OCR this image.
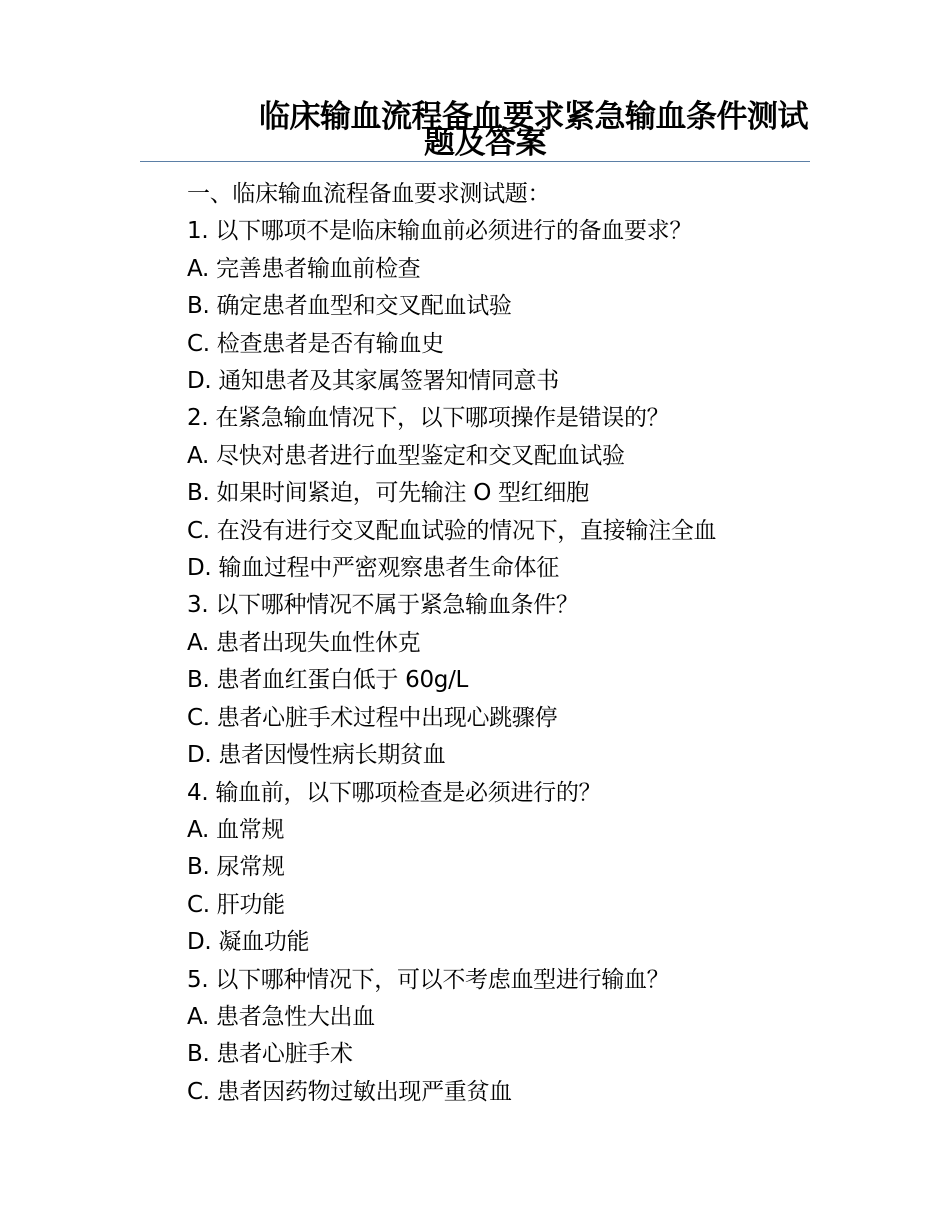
临床输血流程备血要求紧急输血条件测试
题及答案
一、临床输血流程备血要求测试题：
1. 以下哪项不是临床输血前必须进行的备血要求？
A. 完善患者输血前检查
B. 确定患者血型和交叉配血试验
C. 检查患者是否有输血史
D. 通知患者及其家属签署知情同意书
2. 在紧急输血情况下，以下哪项操作是错误的？
A. 尽快对患者进行血型鉴定和交叉配血试验
B. 如果时间紧迫，可先输注 O 型红细胞
C. 在没有进行交叉配血试验的情况下，直接输注全血
D. 输血过程中严密观察患者生命体征
3. 以下哪种情况不属于紧急输血条件？
A. 患者出现失血性休克
B. 患者血红蛋白低于 60g/L
C. 患者心脏手术过程中出现心跳骤停
D. 患者因慢性病长期贫血
4. 输血前，以下哪项检查是必须进行的？
A. 血常规
B. 尿常规
C. 肝功能
D. 凝血功能
5. 以下哪种情况下，可以不考虑血型进行输血？
A. 患者急性大出血
B. 患者心脏手术
C. 患者因药物过敏出现严重贫血
